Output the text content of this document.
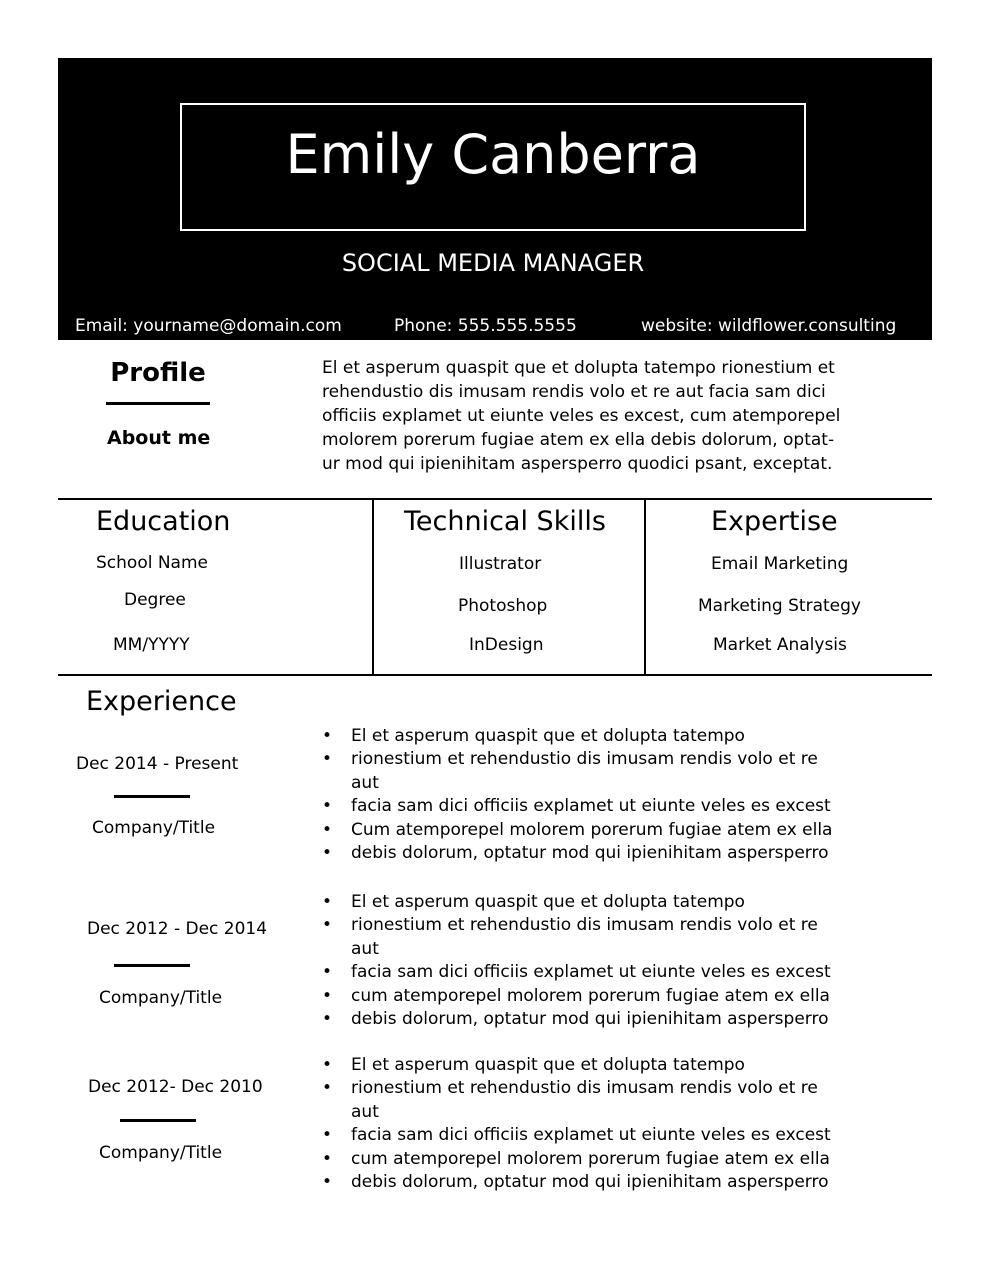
Emily Canberra
SOCIAL MEDIA MANAGER
Email: yourname@domain.com	Phone: 555.555.5555	website: wildflower.consulting
Profile
About me
El et asperum quaspit que et dolupta tatempo rionestium et
rehendustio dis imusam rendis volo et re aut facia sam dici
officiis explamet ut eiunte veles es excest, cum atemporepel
molorem porerum fugiae atem ex ella debis dolorum, optat-
ur mod qui ipienihitam aspersperro quodici psant, exceptat.
Education
School Name
Degree
MM/YYYY
Technical Skills
Illustrator
Photoshop
InDesign
Expertise
Email Marketing
Marketing Strategy
Market Analysis
Experience
Dec 2014 - Present
Company/Title
• El et asperum quaspit que et dolupta tatempo
• rionestium et rehendustio dis imusam rendis volo et re aut
• facia sam dici officiis explamet ut eiunte veles es excest
• Cum atemporepel molorem porerum fugiae atem ex ella
• debis dolorum, optatur mod qui ipienihitam aspersperro
Dec 2012 - Dec 2014
Company/Title
• El et asperum quaspit que et dolupta tatempo
• rionestium et rehendustio dis imusam rendis volo et re aut
• facia sam dici officiis explamet ut eiunte veles es excest
• cum atemporepel molorem porerum fugiae atem ex ella
• debis dolorum, optatur mod qui ipienihitam aspersperro
Dec 2012- Dec 2010
Company/Title
• El et asperum quaspit que et dolupta tatempo
• rionestium et rehendustio dis imusam rendis volo et re aut
• facia sam dici officiis explamet ut eiunte veles es excest
• cum atemporepel molorem porerum fugiae atem ex ella
• debis dolorum, optatur mod qui ipienihitam aspersperro
